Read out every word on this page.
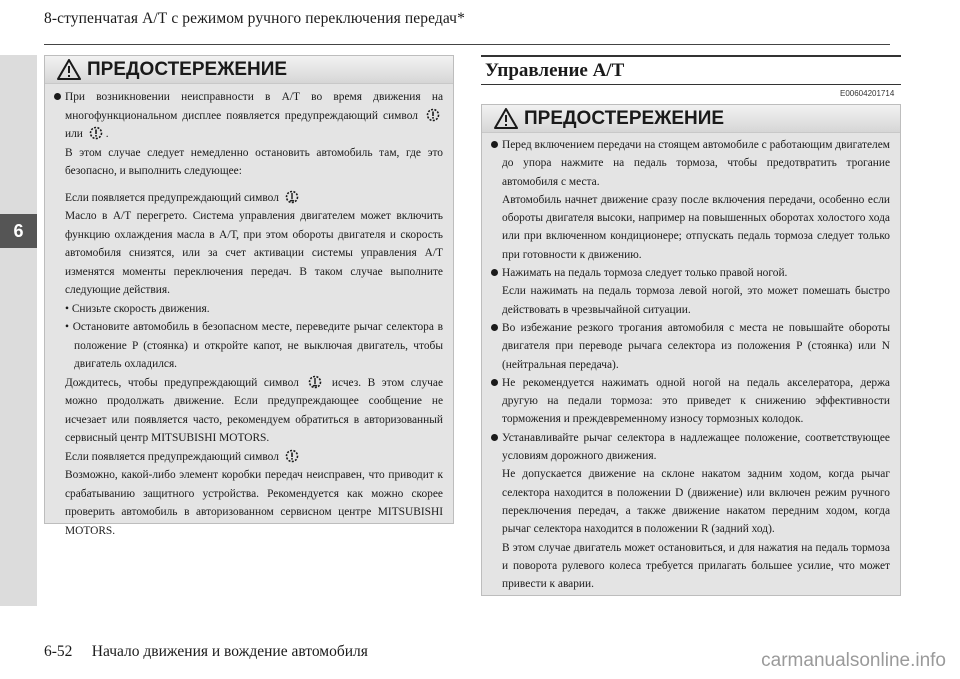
8-ступенчатая А/Т с режимом ручного переключения передач*
6
ПРЕДОСТЕРЕЖЕНИЕ

При возникновении неисправности в А/Т во время движения на многофункциональном дисплее появляется предупреждающий символ  или .

В этом случае следует немедленно остановить автомобиль там, где это безопасно, и выполнить следующее:

Если появляется предупреждающий символ

Масло в А/Т перегрето. Система управления двигателем может включить функцию охлаждения масла в А/Т, при этом обороты двигателя и скорость автомобиля снизятся, или за счет активации системы управления А/Т изменятся моменты переключения передач. В таком случае выполните следующие действия.

• Снизьте скорость движения.

• Остановите автомобиль в безопасном месте, переведите рычаг селектора в положение P (стоянка) и откройте капот, не выключая двигатель, чтобы двигатель охладился.

Дождитесь, чтобы предупреждающий символ	исчез. В этом случае можно продолжать движение. Если предупреждающее сообщение не исчезает или появляется часто, рекомендуем обратиться в авторизованный сервисный центр MITSUBISHI MOTORS.

Если появляется предупреждающий символ

Возможно, какой-либо элемент коробки передач неисправен, что приводит к срабатыванию защитного устройства. Рекомендуется как можно скорее проверить автомобиль в авторизованном сервисном центре MITSUBISHI MOTORS.

Управление А/Т
E00604201714
ПРЕДОСТЕРЕЖЕНИЕ

Перед включением передачи на стоящем автомобиле с работающим двигателем до упора нажмите на педаль тормоза, чтобы предотвратить трогание автомобиля с места.

Автомобиль начнет движение сразу после включения передачи, особенно если обороты двигателя высоки, например на повышенных оборотах холостого хода или при включенном кондиционере; отпускать педаль тормоза следует только при готовности к движению.

Нажимать на педаль тормоза следует только правой ногой.

Если нажимать на педаль тормоза левой ногой, это может помешать быстро действовать в чрезвычайной ситуации.

Во избежание резкого трогания автомобиля с места не повышайте обороты двигателя при переводе рычага селектора из положения P (стоянка) или N (нейтральная передача).

Не рекомендуется нажимать одной ногой на педаль акселератора, держа другую на педали тормоза: это приведет к снижению эффективности торможения и преждевременному износу тормозных колодок.

Устанавливайте рычаг селектора в надлежащее положение, соответствующее условиям дорожного движения.

Не допускается движение на склоне накатом задним ходом, когда рычаг селектора находится в положении D (движение) или включен режим ручного переключения передач, а также движение накатом передним ходом, когда рычаг селектора находится в положении R (задний ход).

В этом случае двигатель может остановиться, и для нажатия на педаль тормоза и поворота рулевого колеса требуется прилагать большее усилие, что может привести к аварии.

6-52     Начало движения и вождение автомобиля	carmanualsonline.info
